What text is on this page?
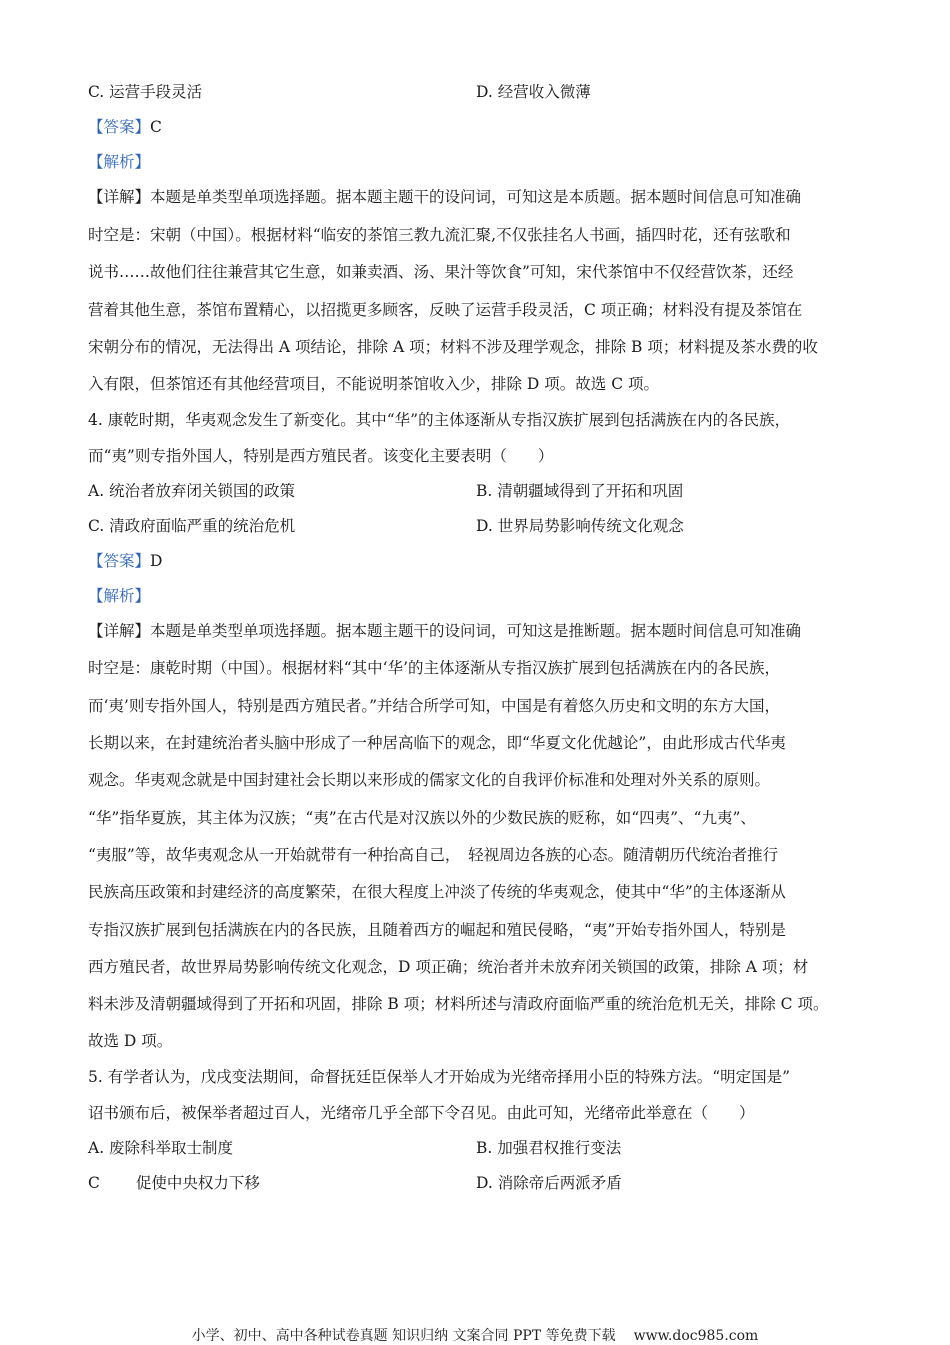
C. 运营手段灵活	D. 经营收入微薄
【答案】C
【解析】
【详解】本题是单类型单项选择题。据本题主题干的设问词，可知这是本质题。据本题时间信息可知准确
时空是：宋朝（中国）。根据材料“临安的茶馆三教九流汇聚,不仅张挂名人书画，插四时花，还有弦歌和
说书……故他们往往兼营其它生意，如兼卖酒、汤、果汁等饮食”可知，宋代茶馆中不仅经营饮茶，还经
营着其他生意，茶馆布置精心，以招揽更多顾客，反映了运营手段灵活，C 项正确；材料没有提及茶馆在
宋朝分布的情况，无法得出 A 项结论，排除 A 项；材料不涉及理学观念，排除 B 项；材料提及茶水费的收
入有限，但茶馆还有其他经营项目，不能说明茶馆收入少，排除 D 项。故选 C 项。
4. 康乾时期，华夷观念发生了新变化。其中“华”的主体逐渐从专指汉族扩展到包括满族在内的各民族，
而“夷”则专指外国人，特别是西方殖民者。该变化主要表明（　　）
A. 统治者放弃闭关锁国的政策	B. 清朝疆域得到了开拓和巩固
C. 清政府面临严重的统治危机	D. 世界局势影响传统文化观念
【答案】D
【解析】
【详解】本题是单类型单项选择题。据本题主题干的设问词，可知这是推断题。据本题时间信息可知准确
时空是：康乾时期（中国）。根据材料“其中‘华’的主体逐渐从专指汉族扩展到包括满族在内的各民族，
而‘夷’则专指外国人，特别是西方殖民者。”并结合所学可知，中国是有着悠久历史和文明的东方大国，
长期以来，在封建统治者头脑中形成了一种居高临下的观念，即“华夏文化优越论”，由此形成古代华夷
观念。华夷观念就是中国封建社会长期以来形成的儒家文化的自我评价标准和处理对外关系的原则。
“华”指华夏族，其主体为汉族；“夷”在古代是对汉族以外的少数民族的贬称，如“四夷”、“九夷”、
“夷服”等，故华夷观念从一开始就带有一种抬高自己，　轻视周边各族的心态。随清朝历代统治者推行
民族高压政策和封建经济的高度繁荣，在很大程度上冲淡了传统的华夷观念，使其中“华”的主体逐渐从
专指汉族扩展到包括满族在内的各民族，且随着西方的崛起和殖民侵略，“夷”开始专指外国人，特别是
西方殖民者，故世界局势影响传统文化观念，D 项正确；统治者并未放弃闭关锁国的政策，排除 A 项；材
料未涉及清朝疆域得到了开拓和巩固，排除 B 项；材料所述与清政府面临严重的统治危机无关，排除 C 项。
故选 D 项。
5. 有学者认为，戊戌变法期间，命督抚廷臣保举人才开始成为光绪帝择用小臣的特殊方法。“明定国是”
诏书颁布后，被保举者超过百人，光绪帝几乎全部下令召见。由此可知，光绪帝此举意在（　　）
A. 废除科举取士制度	B. 加强君权推行变法
C 促使中央权力下移	D. 消除帝后两派矛盾
小学、初中、高中各种试卷真题 知识归纳 文案合同 PPT 等免费下载 www.doc985.com
